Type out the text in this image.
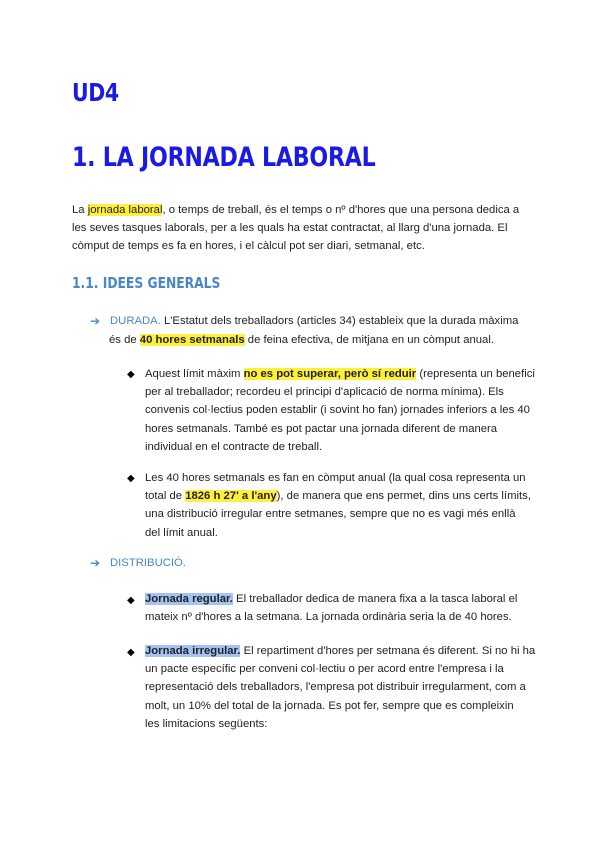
UD4
1. LA JORNADA LABORAL
La jornada laboral, o temps de treball, és el temps o nº d'hores que una persona dedica a
les seves tasques laborals, per a les quals ha estat contractat, al llarg d'una jornada. El
còmput de temps es fa en hores, i el càlcul pot ser diari, setmanal, etc.
1.1. IDEES GENERALS
➔ DURADA. L'Estatut dels treballadors (articles 34) estableix que la durada màxima
és de 40 hores setmanals de feina efectiva, de mitjana en un còmput anual.
◆ Aquest límit màxim no es pot superar, però sí reduir (representa un benefici
per al treballador; recordeu el principi d'aplicació de norma mínima). Els
convenis col·lectius poden establir (i sovint ho fan) jornades inferiors a les 40
hores setmanals. També es pot pactar una jornada diferent de manera
individual en el contracte de treball.
◆ Les 40 hores setmanals es fan en còmput anual (la qual cosa representa un
total de 1826 h 27' a l'any), de manera que ens permet, dins uns certs límits,
una distribució irregular entre setmanes, sempre que no es vagi més enllà
del límit anual.
➔ DISTRIBUCIÓ.
◆ Jornada regular. El treballador dedica de manera fixa a la tasca laboral el
mateix nº d'hores a la setmana. La jornada ordinària seria la de 40 hores.
◆ Jornada irregular. El repartiment d'hores per setmana és diferent. Si no hi ha
un pacte específic per conveni col·lectiu o per acord entre l'empresa i la
representació dels treballadors, l'empresa pot distribuir irregularment, com a
molt, un 10% del total de la jornada. Es pot fer, sempre que es compleixin
les limitacions següents:
